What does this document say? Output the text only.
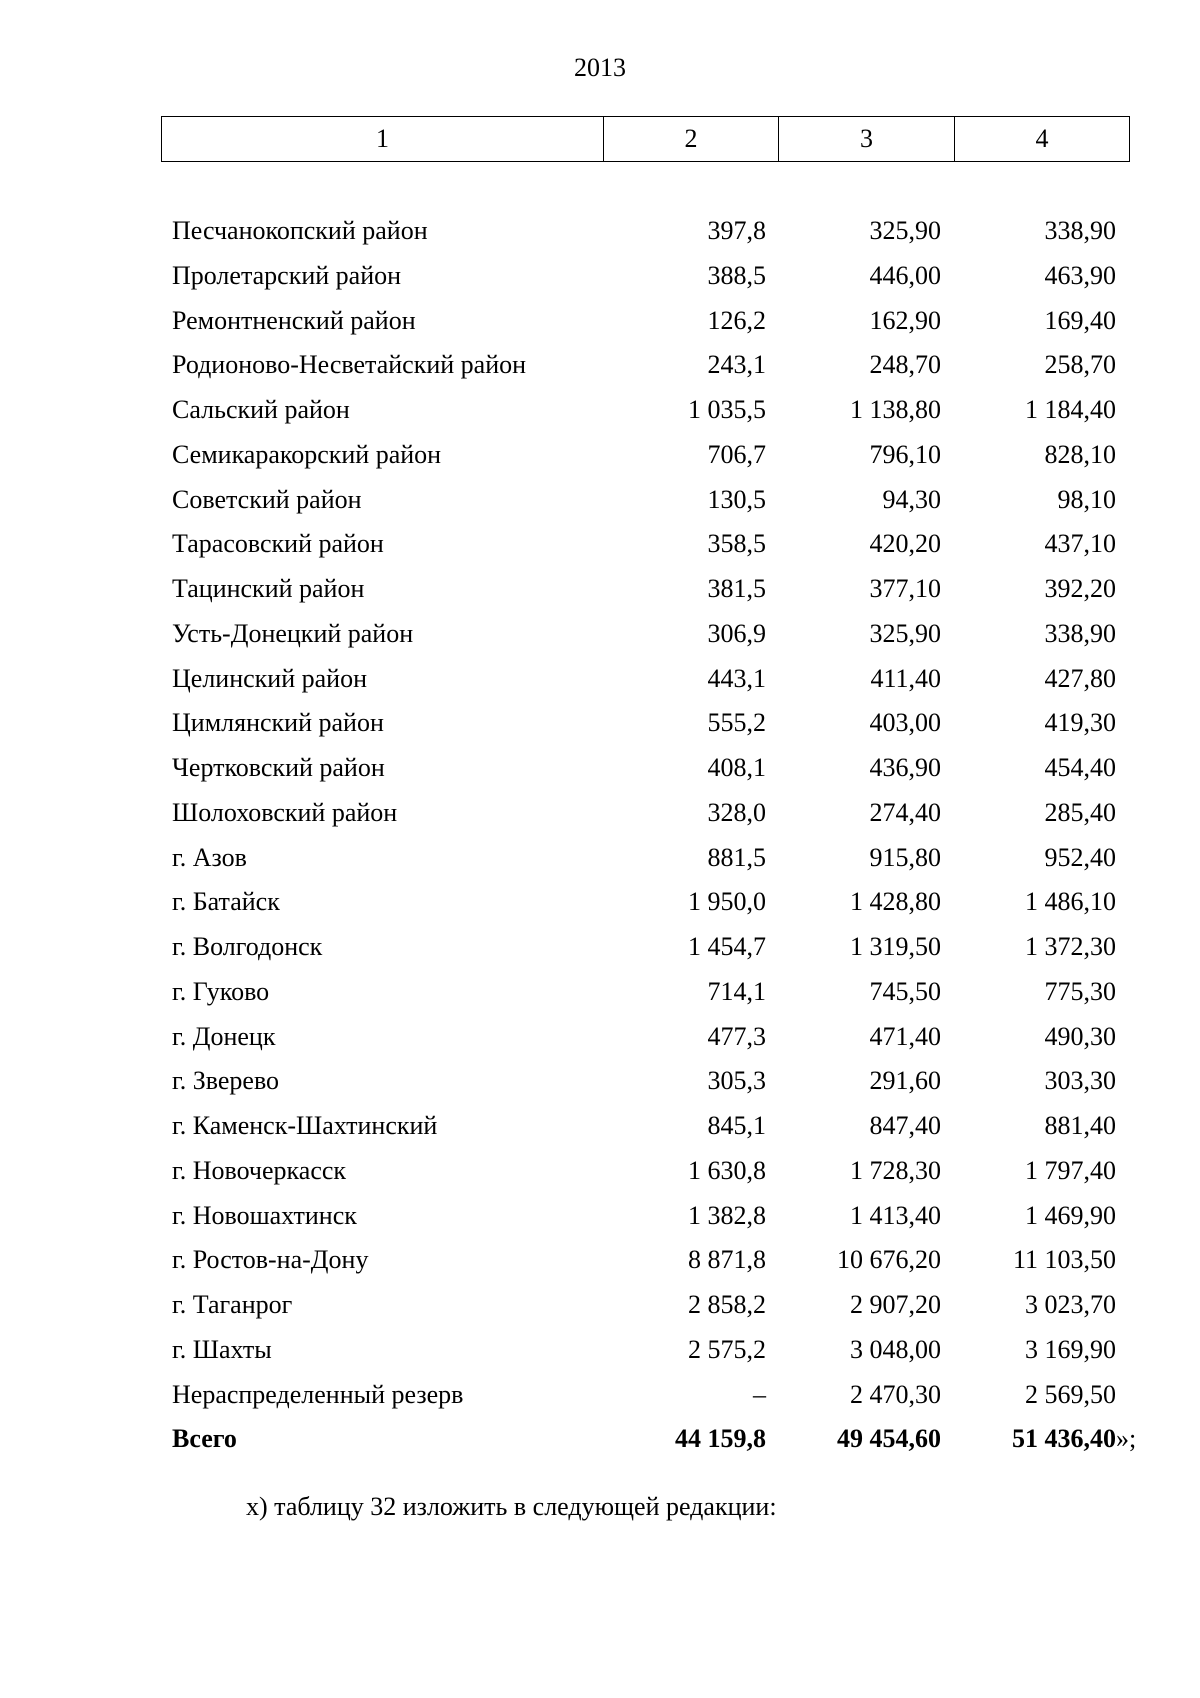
2013
1	2	3	4
Песчанокопский район	397,8	325,90	338,90
Пролетарский район	388,5	446,00	463,90
Ремонтненский район	126,2	162,90	169,40
Родионово-Несветайский район	243,1	248,70	258,70
Сальский район	1 035,5	1 138,80	1 184,40
Семикаракорский район	706,7	796,10	828,10
Советский район	130,5	94,30	98,10
Тарасовский район	358,5	420,20	437,10
Тацинский район	381,5	377,10	392,20
Усть-Донецкий район	306,9	325,90	338,90
Целинский район	443,1	411,40	427,80
Цимлянский район	555,2	403,00	419,30
Чертковский район	408,1	436,90	454,40
Шолоховский район	328,0	274,40	285,40
г. Азов	881,5	915,80	952,40
г. Батайск	1 950,0	1 428,80	1 486,10
г. Волгодонск	1 454,7	1 319,50	1 372,30
г. Гуково	714,1	745,50	775,30
г. Донецк	477,3	471,40	490,30
г. Зверево	305,3	291,60	303,30
г. Каменск-Шахтинский	845,1	847,40	881,40
г. Новочеркасск	1 630,8	1 728,30	1 797,40
г. Новошахтинск	1 382,8	1 413,40	1 469,90
г. Ростов-на-Дону	8 871,8	10 676,20	11 103,50
г. Таганрог	2 858,2	2 907,20	3 023,70
г. Шахты	2 575,2	3 048,00	3 169,90
Нераспределенный резерв	–	2 470,30	2 569,50
Всего	44 159,8	49 454,60	51 436,40 »;
х) таблицу 32 изложить в следующей редакции:
